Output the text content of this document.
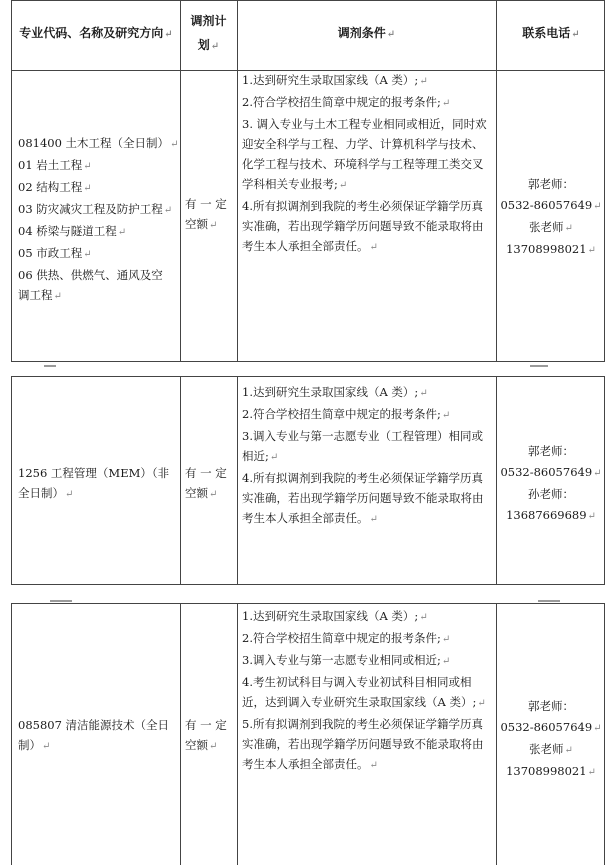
专业代码、名称及研究方向↵
调剂计
划↵
调剂条件↵	联系电话↵
081400 土木工程（全日制）↵
01 岩土工程↵
02 结构工程↵
03 防灾减灾工程及防护工程↵
04 桥梁与隧道工程↵
05 市政工程↵
06 供热、供燃气、通风及空
调工程↵
有 一 定
空额↵
1.达到研究生录取国家线（A 类）;↵
2.符合学校招生简章中规定的报考条件;↵
3. 调入专业与土木工程专业相同或相近，同时欢
迎安全科学与工程、力学、计算机科学与技术、
化学工程与技术、环境科学与工程等理工类交叉
学科相关专业报考;↵
4.所有拟调剂到我院的考生必须保证学籍学历真
实准确，若出现学籍学历问题导致不能录取将由
考生本人承担全部责任。↵
郭老师：
0532-86057649↵
张老师↵
13708998021↵
1256 工程管理（MEM）（非
全日制）↵
有 一 定
空额↵
1.达到研究生录取国家线（A 类）;↵
2.符合学校招生简章中规定的报考条件;↵
3.调入专业与第一志愿专业（工程管理）相同或
相近;↵
4.所有拟调剂到我院的考生必须保证学籍学历真
实准确，若出现学籍学历问题导致不能录取将由
考生本人承担全部责任。↵
郭老师：
0532-86057649↵
孙老师：
13687669689↵
085807 清洁能源技术（全日
制）↵
有 一 定
空额↵
1.达到研究生录取国家线（A 类）;↵
2.符合学校招生简章中规定的报考条件;↵
3.调入专业与第一志愿专业相同或相近;↵
4.考生初试科目与调入专业初试科目相同或相
近，达到调入专业研究生录取国家线（A 类）;↵
5.所有拟调剂到我院的考生必须保证学籍学历真
实准确，若出现学籍学历问题导致不能录取将由
考生本人承担全部责任。↵
郭老师：
0532-86057649↵
张老师↵
13708998021↵
